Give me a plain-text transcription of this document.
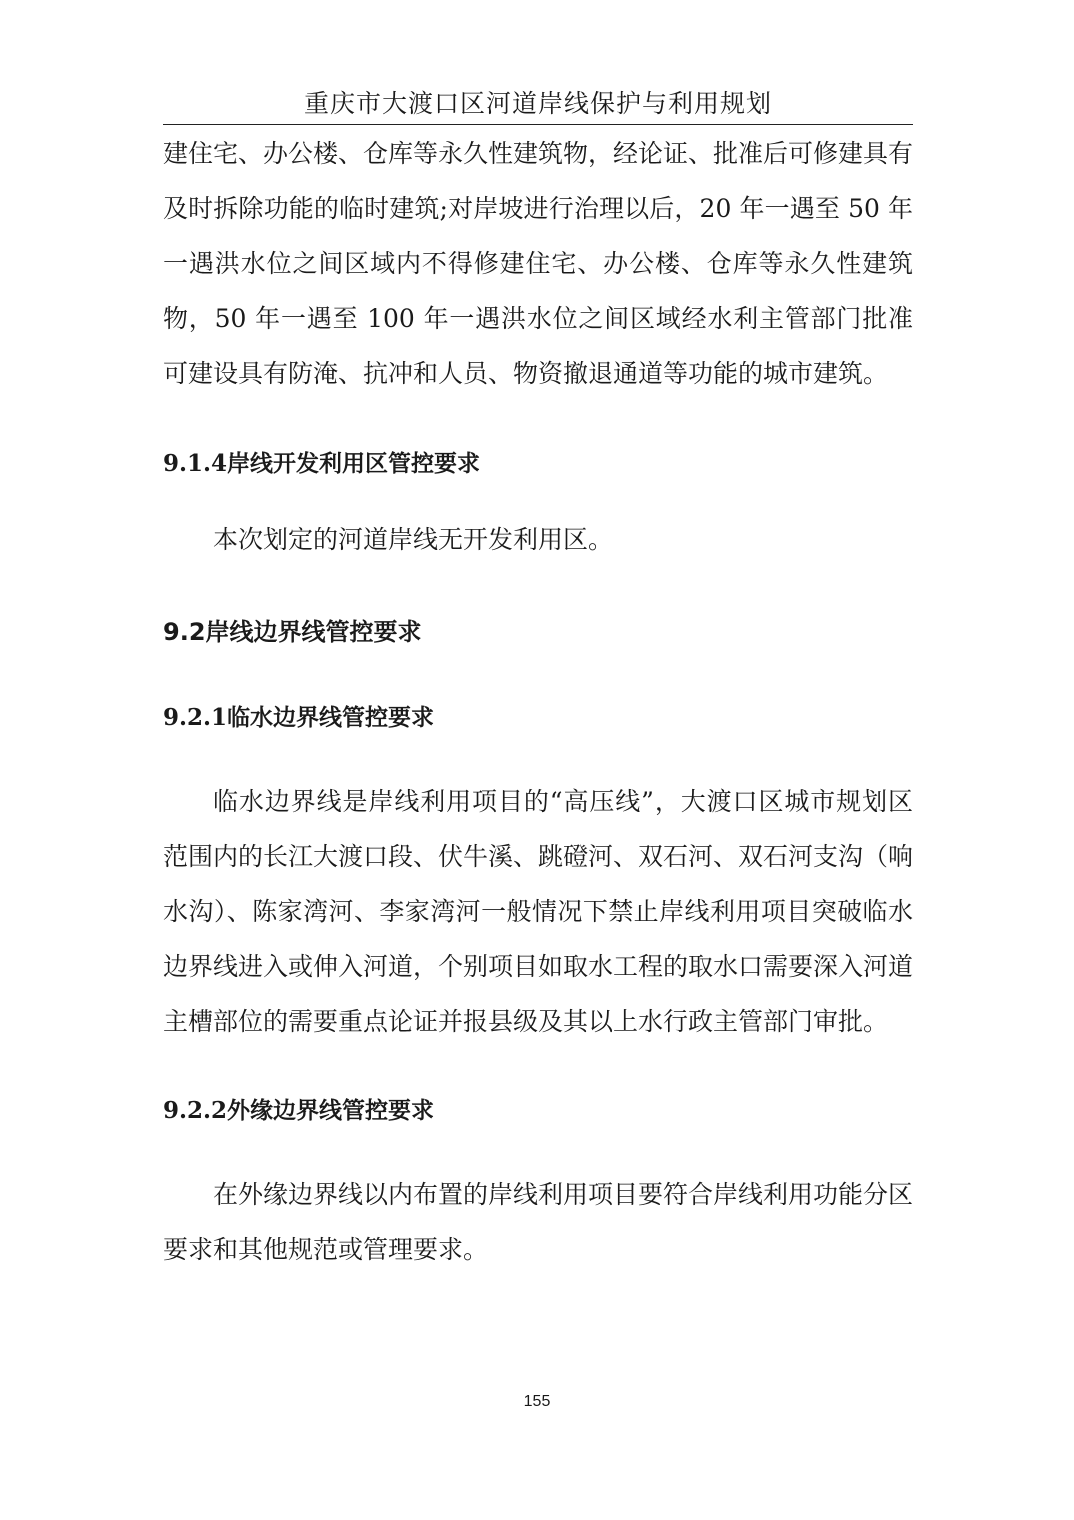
重庆市大渡口区河道岸线保护与利用规划
建住宅、办公楼、仓库等永久性建筑物，经论证、批准后可修建具有及时拆除功能的临时建筑;对岸坡进行治理以后，20 年一遇至 50 年一遇洪水位之间区域内不得修建住宅、办公楼、仓库等永久性建筑物，50 年一遇至 100 年一遇洪水位之间区域经水利主管部门批准可建设具有防淹、抗冲和人员、物资撤退通道等功能的城市建筑。
9.1.4岸线开发利用区管控要求
本次划定的河道岸线无开发利用区。
9.2岸线边界线管控要求
9.2.1临水边界线管控要求
临水边界线是岸线利用项目的“高压线”，大渡口区城市规划区范围内的长江大渡口段、伏牛溪、跳磴河、双石河、双石河支沟（响水沟）、陈家湾河、李家湾河一般情况下禁止岸线利用项目突破临水边界线进入或伸入河道，个别项目如取水工程的取水口需要深入河道主槽部位的需要重点论证并报县级及其以上水行政主管部门审批。
9.2.2外缘边界线管控要求
在外缘边界线以内布置的岸线利用项目要符合岸线利用功能分区要求和其他规范或管理要求。
155
